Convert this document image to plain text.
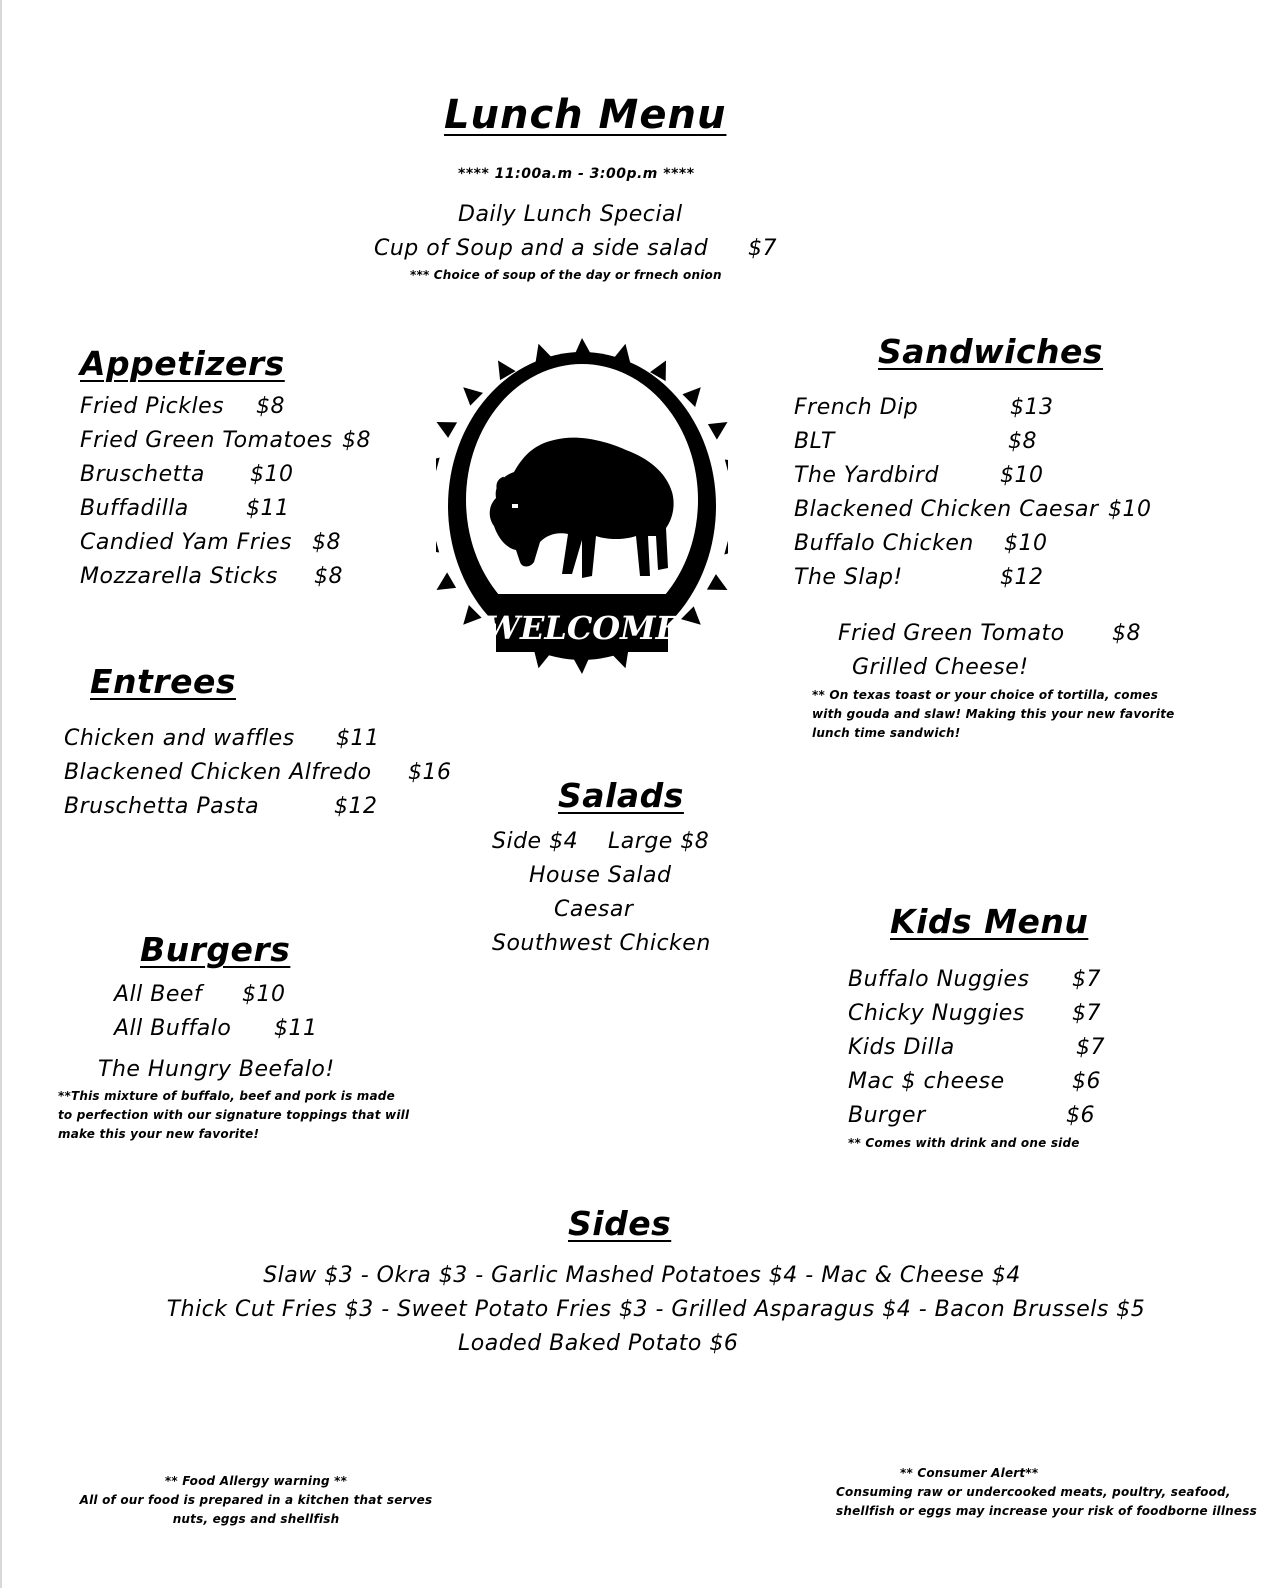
Lunch Menu
**** 11:00a.m - 3:00p.m ****
Daily Lunch Special
Cup of Soup and a side salad $7
*** Choice of soup of the day or frnech onion
Appetizers
Fried Pickles $8
Fried Green Tomatoes $8
Bruschetta $10
Buffadilla	$11
Candied Yam Fries $8
Mozzarella Sticks $8
WELCOME
Sandwiches
French Dip	$13
BLT	$8
The Yardbird	$10
Blackened Chicken Caesar $10
Buffalo Chicken $10
The Slap!	$12
Fried Green Tomato $8
Grilled Cheese!
** On texas toast or your choice of tortilla, comes
with gouda and slaw! Making this your new favorite
lunch time sandwich!
Entrees
Chicken and waffles $11
Blackened Chicken Alfredo $16
Bruschetta Pasta	$12	Salads
Side $4    Large $8
House Salad
Caesar
Southwest Chicken
Kids Menu
Buffalo Nuggies $7
Chicky Nuggies $7
Kids Dilla	$7
Mac $ cheese	$6
Burger	$6
** Comes with drink and one side
Burgers
All Beef $10
All Buffalo $11
The Hungry Beefalo!
**This mixture of buffalo, beef and pork is made
to perfection with our signature toppings that will
make this your new favorite!
Sides
Slaw $3 - Okra $3 - Garlic Mashed Potatoes $4 - Mac & Cheese $4
Thick Cut Fries $3 - Sweet Potato Fries $3 - Grilled Asparagus $4 - Bacon Brussels $5
Loaded Baked Potato $6
** Food Allergy warning **
All of our food is prepared in a kitchen that serves
nuts, eggs and shellfish
** Consumer Alert**
Consuming raw or undercooked meats, poultry, seafood,
shellfish or eggs may increase your risk of foodborne illness
